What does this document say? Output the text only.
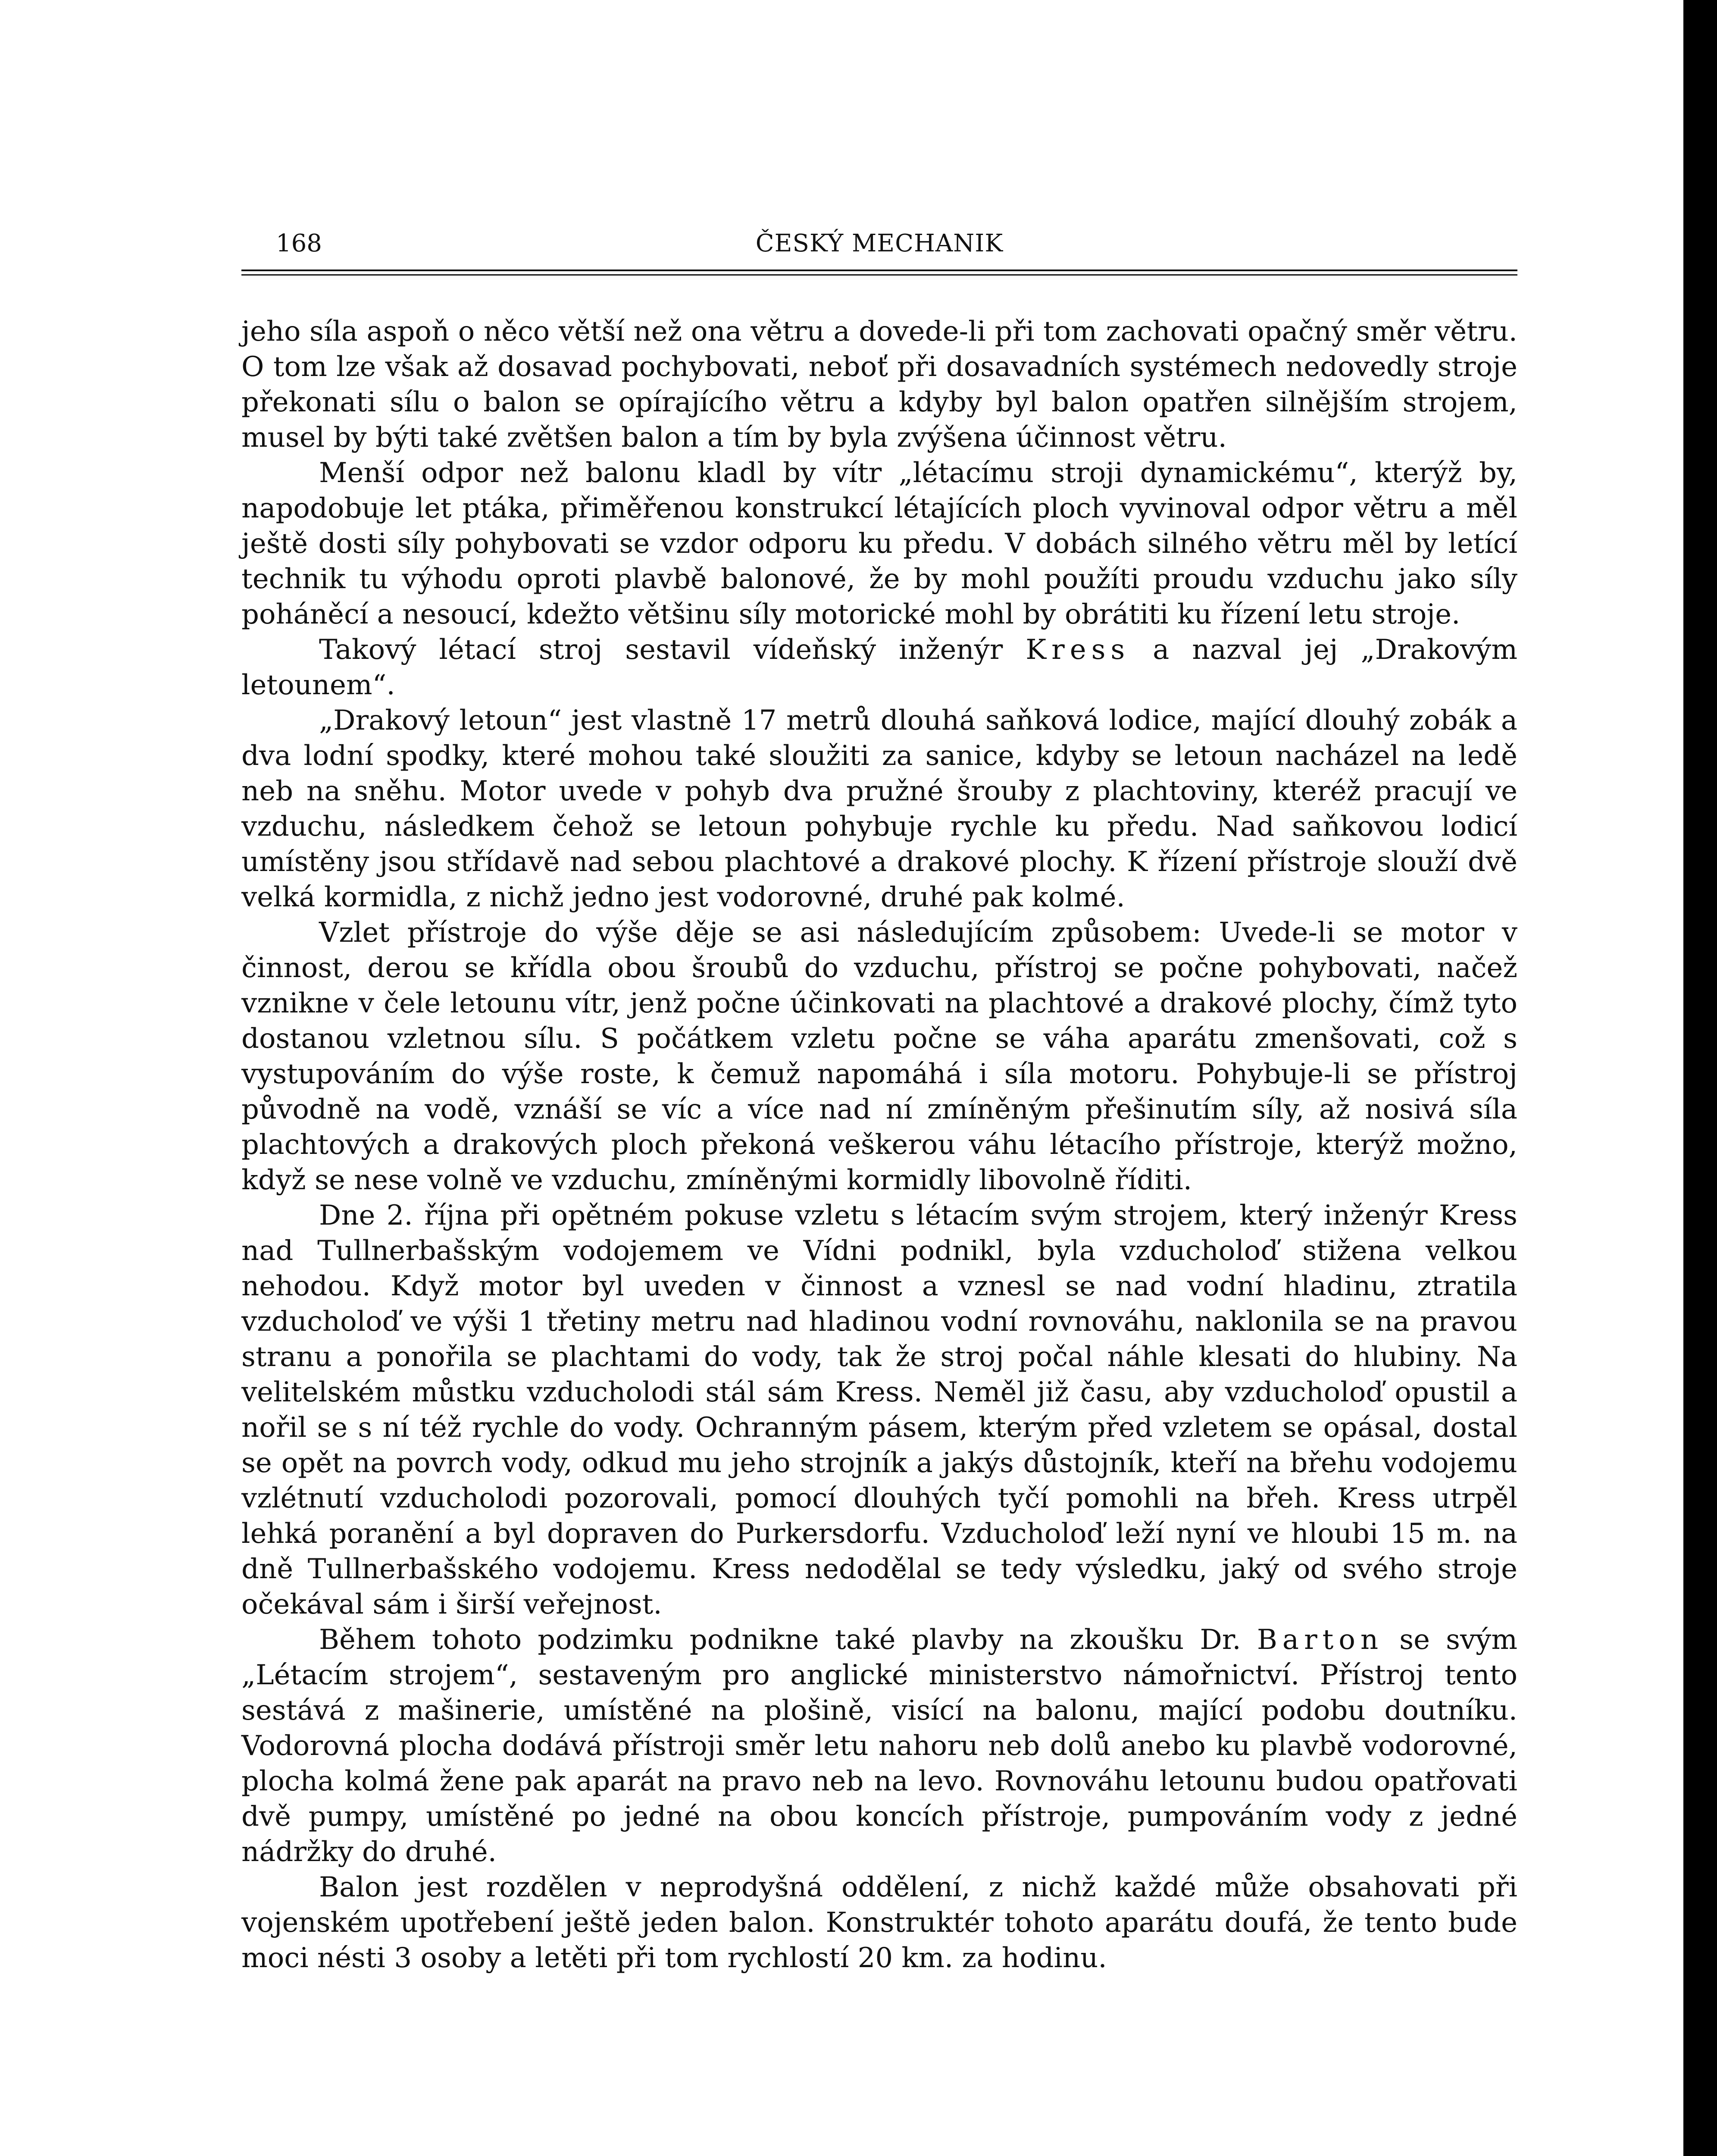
168	ČESKÝ MECHANIK

jeho síla aspoň o něco větší než ona větru a dovede-li při tom zachovati opačný směr větru. O tom lze však až dosavad pochybovati, neboť při dosavadních systémech nedovedly stroje překonati sílu o balon se opírajícího větru a kdyby byl balon opatřen silnějším strojem, musel by býti také zvětšen balon a tím by byla zvýšena účinnost větru.

Menší odpor než balonu kladl by vítr „létacímu stroji dynamickému“, kterýž by, napodobuje let ptáka, přiměřenou konstrukcí létajících ploch vyvinoval odpor větru a měl ještě dosti síly pohybovati se vzdor odporu ku předu. V dobách silného větru měl by letící technik tu výhodu oproti plavbě balonové, že by mohl použíti proudu vzduchu jako síly poháněcí a nesoucí, kdežto většinu síly motorické mohl by obrátiti ku řízení letu stroje.

Takový létací stroj sestavil vídeňský inženýr Kress a nazval jej „Drakovým letounem“.

„Drakový letoun“ jest vlastně 17 metrů dlouhá saňková lodice, mající dlouhý zobák a dva lodní spodky, které mohou také sloužiti za sanice, kdyby se letoun nacházel na ledě neb na sněhu. Motor uvede v pohyb dva pružné šrouby z plachtoviny, kteréž pracují ve vzduchu, následkem čehož se letoun pohybuje rychle ku předu. Nad saňkovou lodicí umístěny jsou střídavě nad sebou plachtové a drakové plochy. K řízení přístroje slouží dvě velká kormidla, z nichž jedno jest vodorovné, druhé pak kolmé.

Vzlet přístroje do výše děje se asi následujícím způsobem: Uvede-li se motor v činnost, derou se křídla obou šroubů do vzduchu, přístroj se počne pohybovati, načež vznikne v čele letounu vítr, jenž počne účinkovati na plachtové a drakové plochy, čímž tyto dostanou vzletnou sílu. S počátkem vzletu počne se váha aparátu zmenšovati, což s vystupováním do výše roste, k čemuž napomáhá i síla motoru. Pohybuje-li se přístroj původně na vodě, vznáší se víc a více nad ní zmíněným přešinutím síly, až nosivá síla plachtových a drakových ploch překoná veškerou váhu létacího přístroje, kterýž možno, když se nese volně ve vzduchu, zmíněnými kormidly libovolně říditi.

Dne 2. října při opětném pokuse vzletu s létacím svým strojem, který inženýr Kress nad Tullnerbašským vodojemem ve Vídni podnikl, byla vzducholoď stižena velkou nehodou. Když motor byl uveden v činnost a vznesl se nad vodní hladinu, ztratila vzducholoď ve výši 1 třetiny metru nad hladinou vodní rovnováhu, naklonila se na pravou stranu a ponořila se plachtami do vody, tak že stroj počal náhle klesati do hlubiny. Na velitelském můstku vzducholodi stál sám Kress. Neměl již času, aby vzducholoď opustil a nořil se s ní též rychle do vody. Ochranným pásem, kterým před vzletem se opásal, dostal se opět na povrch vody, odkud mu jeho strojník a jakýs důstojník, kteří na břehu vodojemu vzlétnutí vzducholodi pozorovali, pomocí dlouhých tyčí pomohli na břeh. Kress utrpěl lehká poranění a byl dopraven do Purkersdorfu. Vzducholoď leží nyní ve hloubi 15 m. na dně Tullnerbašského vodojemu. Kress nedodělal se tedy výsledku, jaký od svého stroje očekával sám i širší veřejnost.

Během tohoto podzimku podnikne také plavby na zkoušku Dr. Barton se svým „Létacím strojem“, sestaveným pro anglické ministerstvo námořnictví. Přístroj tento sestává z mašinerie, umístěné na plošině, visící na balonu, mající podobu doutníku. Vodorovná plocha dodává přístroji směr letu nahoru neb dolů anebo ku plavbě vodorovné, plocha kolmá žene pak aparát na pravo neb na levo. Rovnováhu letounu budou opatřovati dvě pumpy, umístěné po jedné na obou koncích přístroje, pumpováním vody z jedné nádržky do druhé.

Balon jest rozdělen v neprodyšná oddělení, z nichž každé může obsahovati při vojenském upotřebení ještě jeden balon. Konstruktér tohoto aparátu doufá, že tento bude moci nésti 3 osoby a letěti při tom rychlostí 20 km. za hodinu.
